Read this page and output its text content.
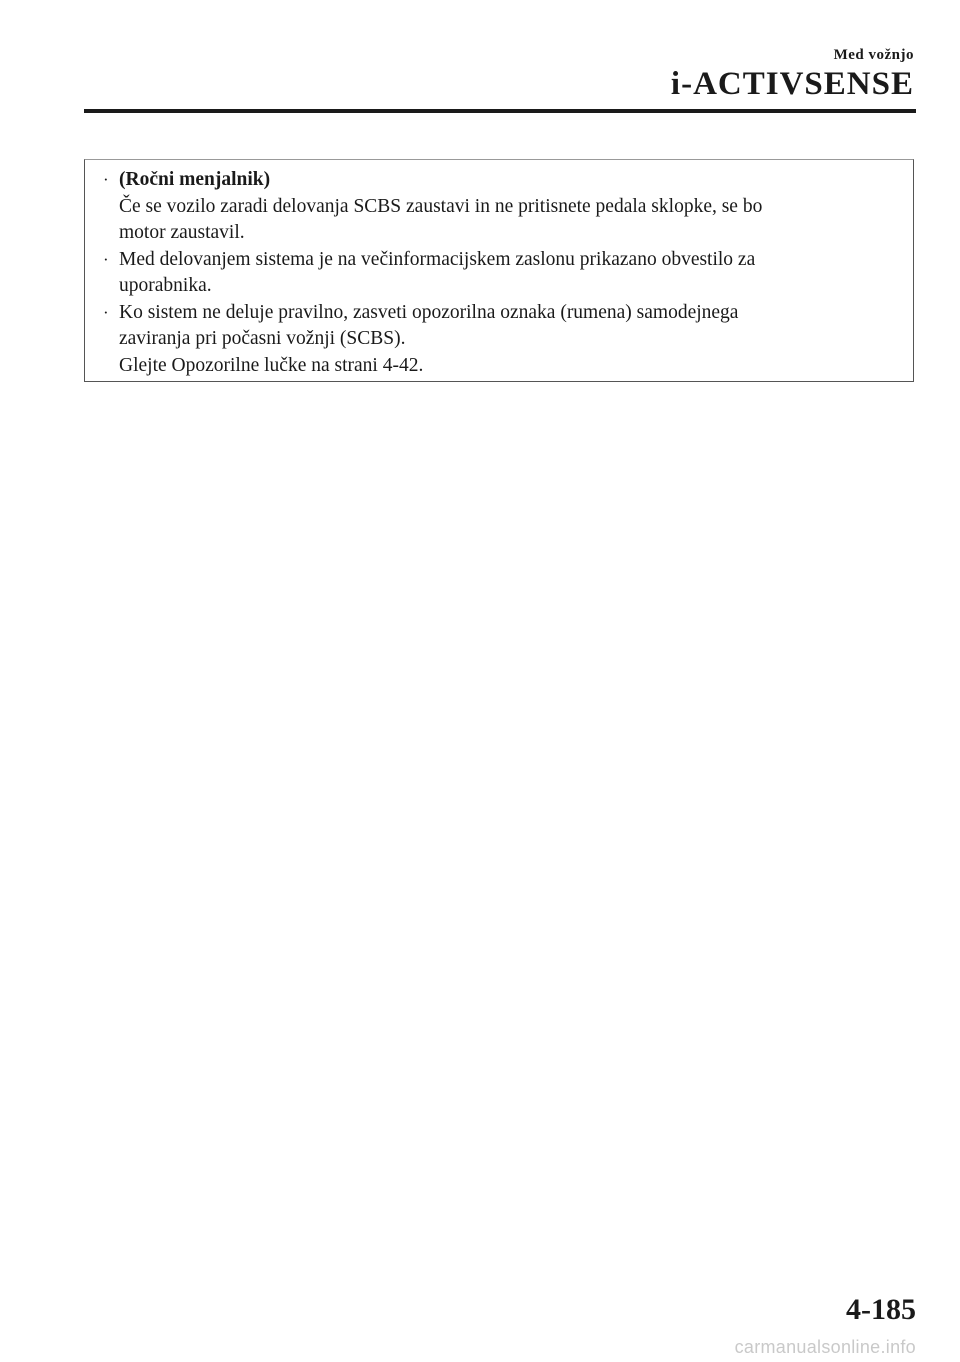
Med vožnjo
i-ACTIVSENSE
· (Ročni menjalnik)
Če se vozilo zaradi delovanja SCBS zaustavi in ne pritisnete pedala sklopke, se bo
motor zaustavil.
· Med delovanjem sistema je na večinformacijskem zaslonu prikazano obvestilo za
uporabnika.
· Ko sistem ne deluje pravilno, zasveti opozorilna oznaka (rumena) samodejnega
zaviranja pri počasni vožnji (SCBS).
Glejte Opozorilne lučke na strani 4-42.
4-185
carmanualsonline.info
